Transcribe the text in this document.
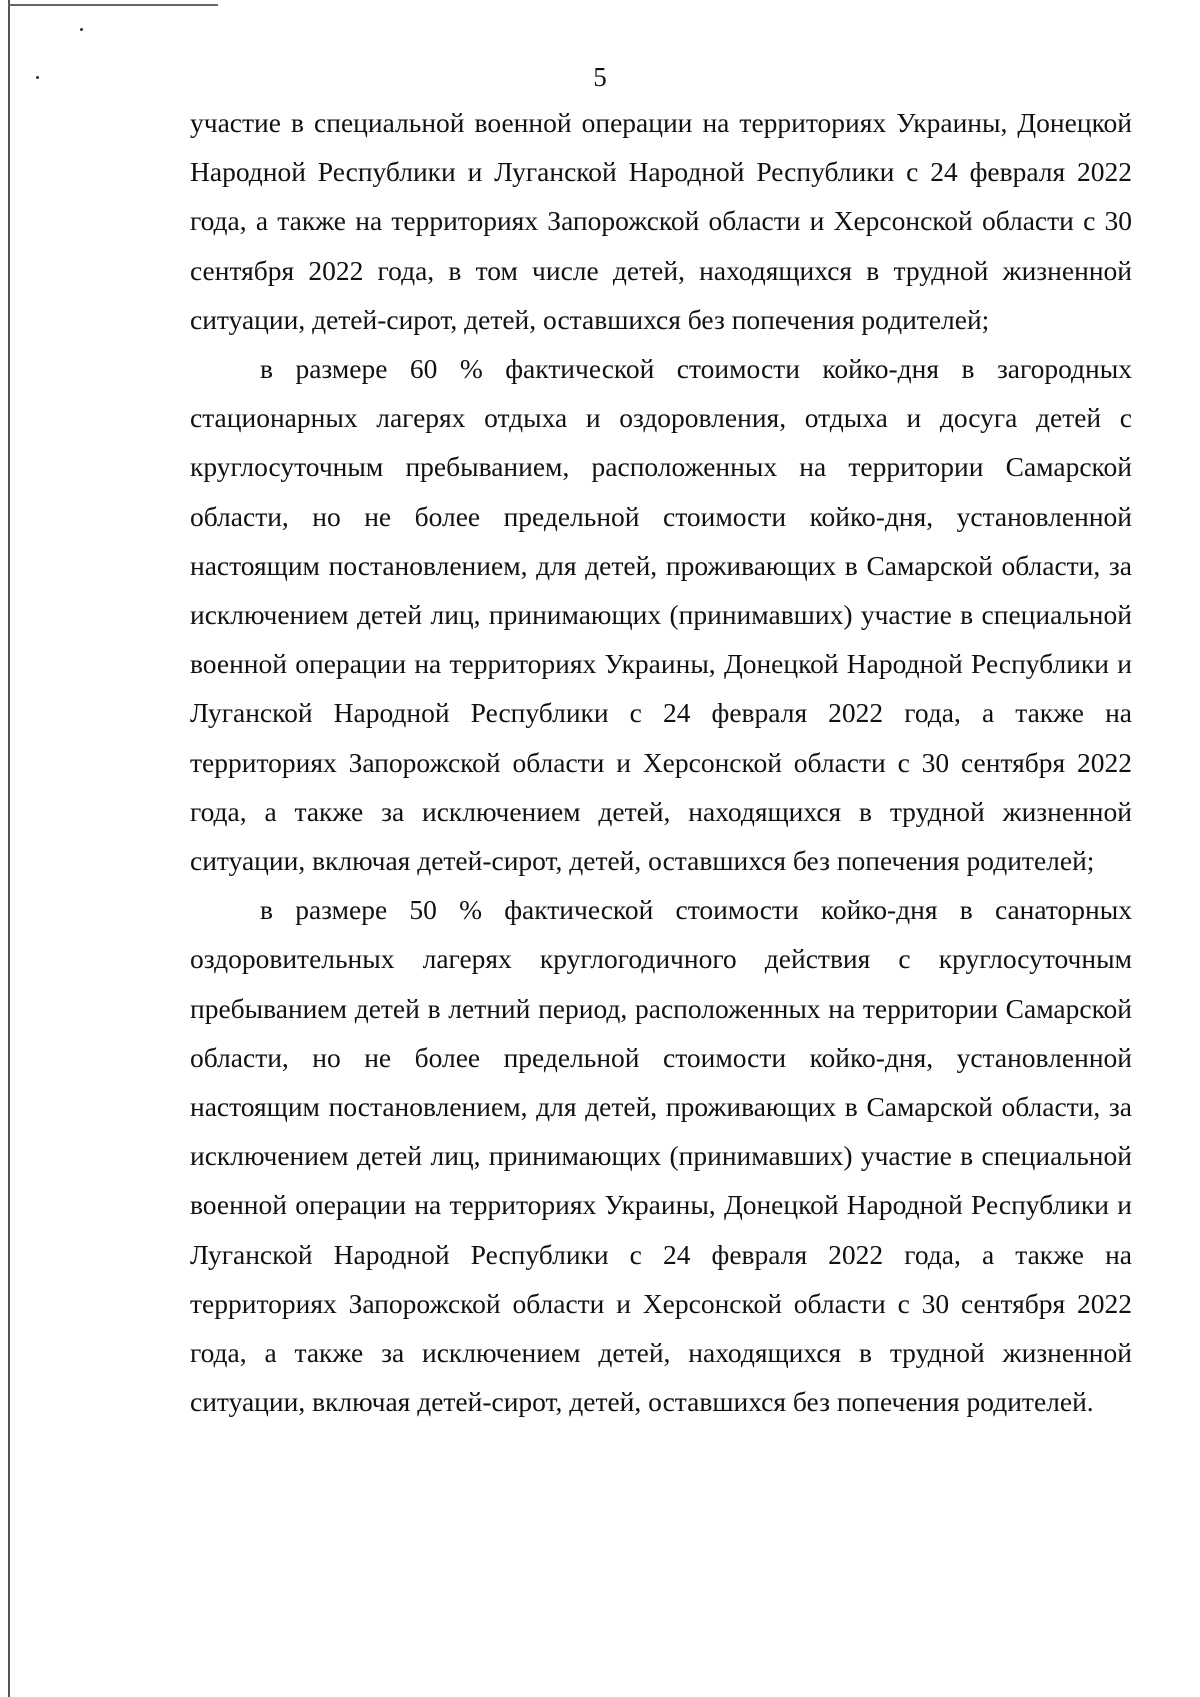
5

участие в специальной военной операции на территориях Украины, Донецкой Народной Республики и Луганской Народной Республики с 24 февраля 2022 года, а также на территориях Запорожской области и Херсонской области с 30 сентября 2022 года, в том числе детей, находящихся в трудной жизненной ситуации, детей-сирот, детей, оставшихся без попечения родителей;

в размере 60 % фактической стоимости койко-дня в загородных стационарных лагерях отдыха и оздоровления, отдыха и досуга детей с круглосуточным пребыванием, расположенных на территории Самарской области, но не более предельной стоимости койко-дня, установленной настоящим постановлением, для детей, проживающих в Самарской области, за исключением детей лиц, принимающих (принимавших) участие в специальной военной операции на территориях Украины, Донецкой Народной Республики и Луганской Народной Республики с 24 февраля 2022 года, а также на территориях Запорожской области и Херсонской области с 30 сентября 2022 года, а также за исключением детей, находящихся в трудной жизненной ситуации, включая детей-сирот, детей, оставшихся без попечения родителей;

в размере 50 % фактической стоимости койко-дня в санаторных оздоровительных лагерях круглогодичного действия с круглосуточным пребыванием детей в летний период, расположенных на территории Самарской области, но не более предельной стоимости койко-дня, установленной настоящим постановлением, для детей, проживающих в Самарской области, за исключением детей лиц, принимающих (принимавших) участие в специальной военной операции на территориях Украины, Донецкой Народной Республики и Луганской Народной Республики с 24 февраля 2022 года, а также на территориях Запорожской области и Херсонской области с 30 сентября 2022 года, а также за исключением детей, находящихся в трудной жизненной ситуации, включая детей-сирот, детей, оставшихся без попечения родителей.
